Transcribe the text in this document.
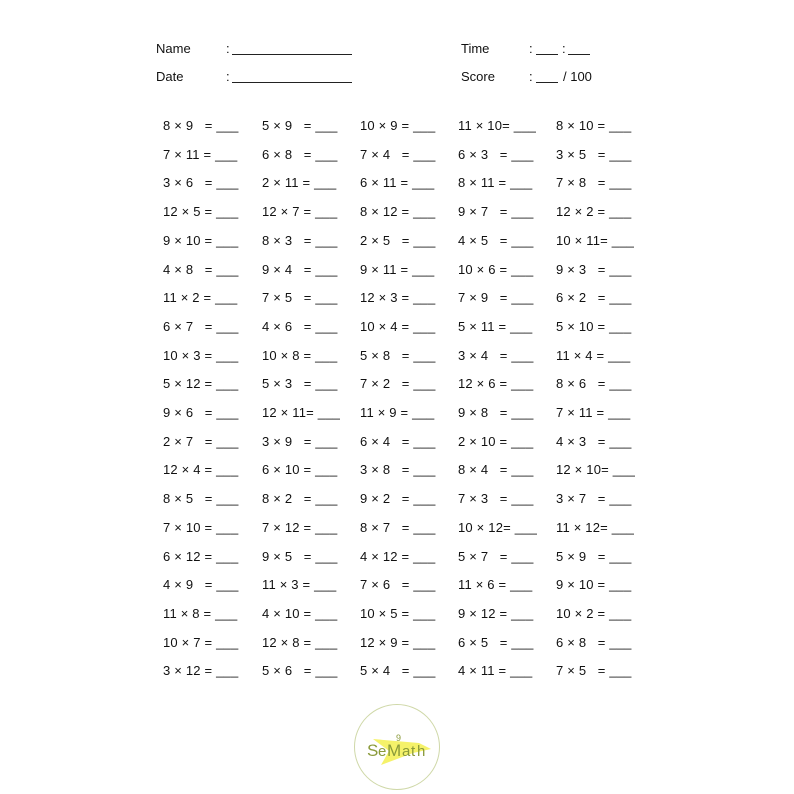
Name	:
Date	:
Time	: :
Score	: / 100
8 × 9   = ___ 5 × 9   = ___ 10 × 9 = ___ 11 × 10= ___ 8 × 10 = ___
7 × 11 = ___ 6 × 8   = ___ 7 × 4   = ___ 6 × 3   = ___ 3 × 5   = ___
3 × 6   = ___ 2 × 11 = ___ 6 × 11 = ___ 8 × 11 = ___ 7 × 8   = ___
12 × 5 = ___ 12 × 7 = ___ 8 × 12 = ___ 9 × 7   = ___ 12 × 2 = ___
9 × 10 = ___ 8 × 3   = ___ 2 × 5   = ___ 4 × 5   = ___ 10 × 11= ___
4 × 8   = ___ 9 × 4   = ___ 9 × 11 = ___ 10 × 6 = ___ 9 × 3   = ___
11 × 2 = ___ 7 × 5   = ___ 12 × 3 = ___ 7 × 9   = ___ 6 × 2   = ___
6 × 7   = ___ 4 × 6   = ___ 10 × 4 = ___ 5 × 11 = ___ 5 × 10 = ___
10 × 3 = ___ 10 × 8 = ___ 5 × 8   = ___ 3 × 4   = ___ 11 × 4 = ___
5 × 12 = ___ 5 × 3   = ___ 7 × 2   = ___ 12 × 6 = ___ 8 × 6   = ___
9 × 6   = ___ 12 × 11= ___ 11 × 9 = ___ 9 × 8   = ___ 7 × 11 = ___
2 × 7   = ___ 3 × 9   = ___ 6 × 4   = ___ 2 × 10 = ___ 4 × 3   = ___
12 × 4 = ___ 6 × 10 = ___ 3 × 8   = ___ 8 × 4   = ___ 12 × 10= ___
8 × 5   = ___ 8 × 2   = ___ 9 × 2   = ___ 7 × 3   = ___ 3 × 7   = ___
7 × 10 = ___ 7 × 12 = ___ 8 × 7   = ___ 10 × 12= ___ 11 × 12= ___
6 × 12 = ___ 9 × 5   = ___ 4 × 12 = ___ 5 × 7   = ___ 5 × 9   = ___
4 × 9   = ___ 11 × 3 = ___ 7 × 6   = ___ 11 × 6 = ___ 9 × 10 = ___
11 × 8 = ___ 4 × 10 = ___ 10 × 5 = ___ 9 × 12 = ___ 10 × 2 = ___
10 × 7 = ___ 12 × 8 = ___ 12 × 9 = ___ 6 × 5   = ___ 6 × 8   = ___
3 × 12 = ___ 5 × 6   = ___ 5 × 4   = ___ 4 × 11 = ___ 7 × 5   = ___
S e M a t h
9
